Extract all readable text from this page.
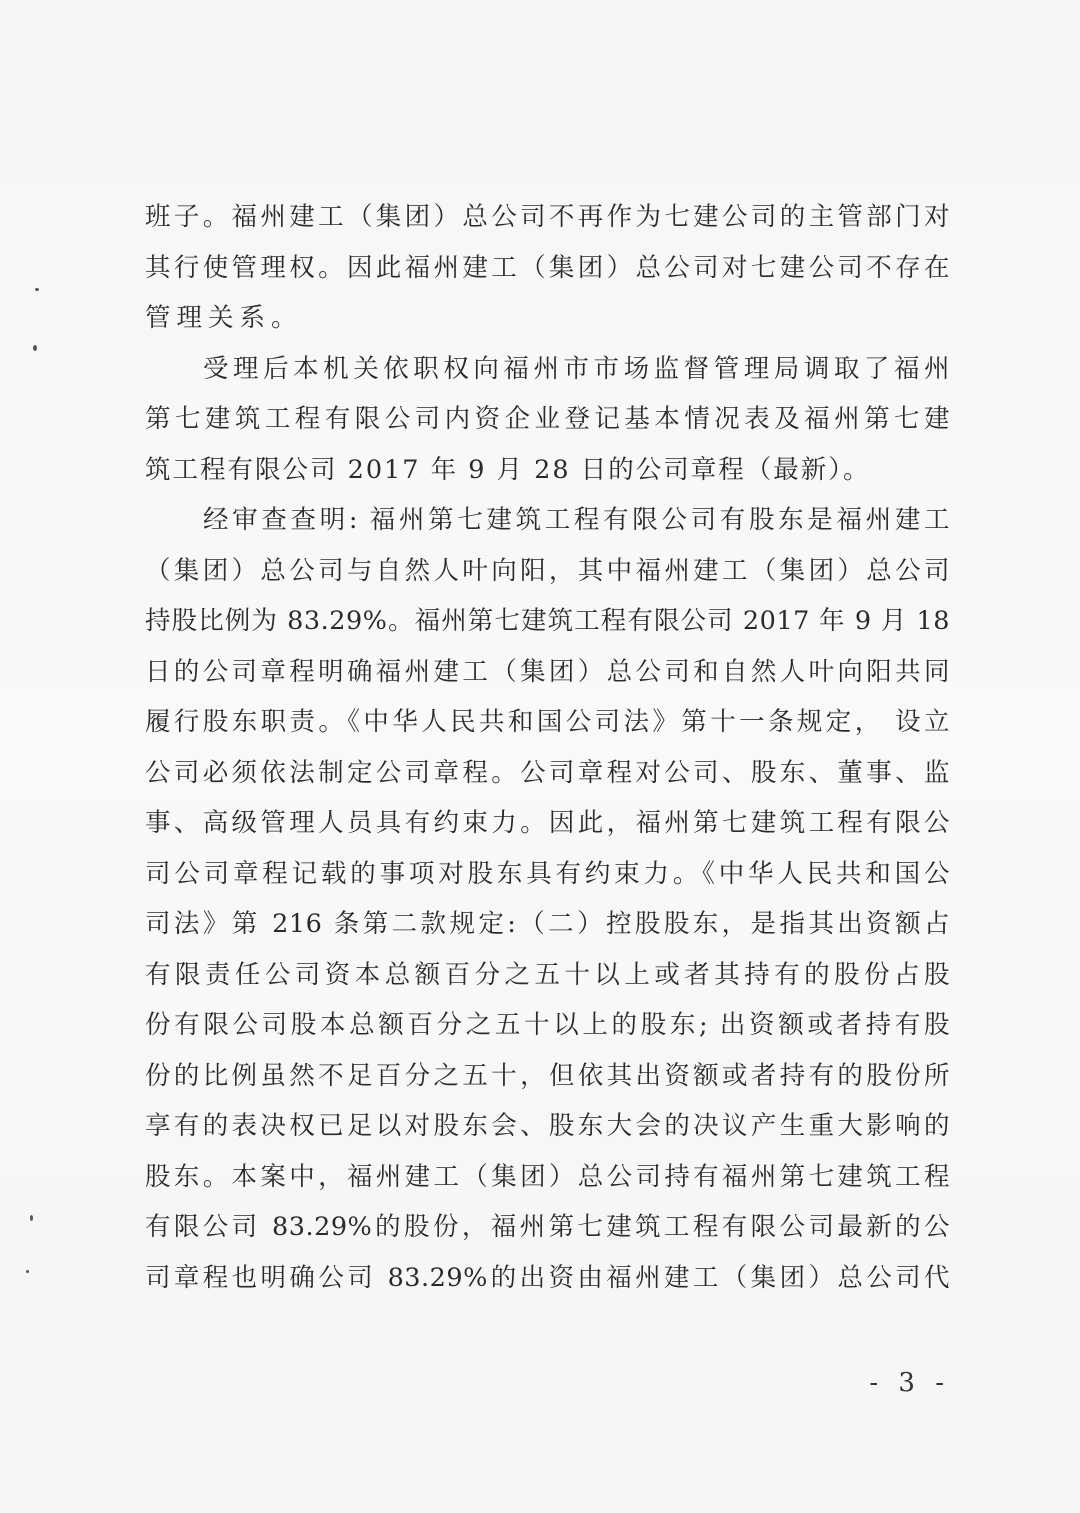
班子。福州建工（集团）总公司不再作为七建公司的主管部门对
其行使管理权。因此福州建工（集团）总公司对七建公司不存在
管理关系。
受理后本机关依职权向福州市市场监督管理局调取了福州
第七建筑工程有限公司内资企业登记基本情况表及福州第七建
筑工程有限公司 2017 年 9 月 28 日的公司章程（最新）。
经审查查明: 福州第七建筑工程有限公司有股东是福州建工
（集团）总公司与自然人叶向阳，其中福州建工（集团）总公司
持股比例为 83.29%。福州第七建筑工程有限公司 2017 年 9 月 18
日的公司章程明确福州建工（集团）总公司和自然人叶向阳共同
履行股东职责。《中华人民共和国公司法》第十一条规定， 设立
公司必须依法制定公司章程。公司章程对公司、股东、董事、监
事、高级管理人员具有约束力。因此，福州第七建筑工程有限公
司公司章程记载的事项对股东具有约束力。《中华人民共和国公
司法》第 216 条第二款规定:（二）控股股东，是指其出资额占
有限责任公司资本总额百分之五十以上或者其持有的股份占股
份有限公司股本总额百分之五十以上的股东; 出资额或者持有股
份的比例虽然不足百分之五十，但依其出资额或者持有的股份所
享有的表决权已足以对股东会、股东大会的决议产生重大影响的
股东。本案中，福州建工（集团）总公司持有福州第七建筑工程
有限公司 83.29%的股份，福州第七建筑工程有限公司最新的公
司章程也明确公司 83.29%的出资由福州建工（集团）总公司代
- 3 -
